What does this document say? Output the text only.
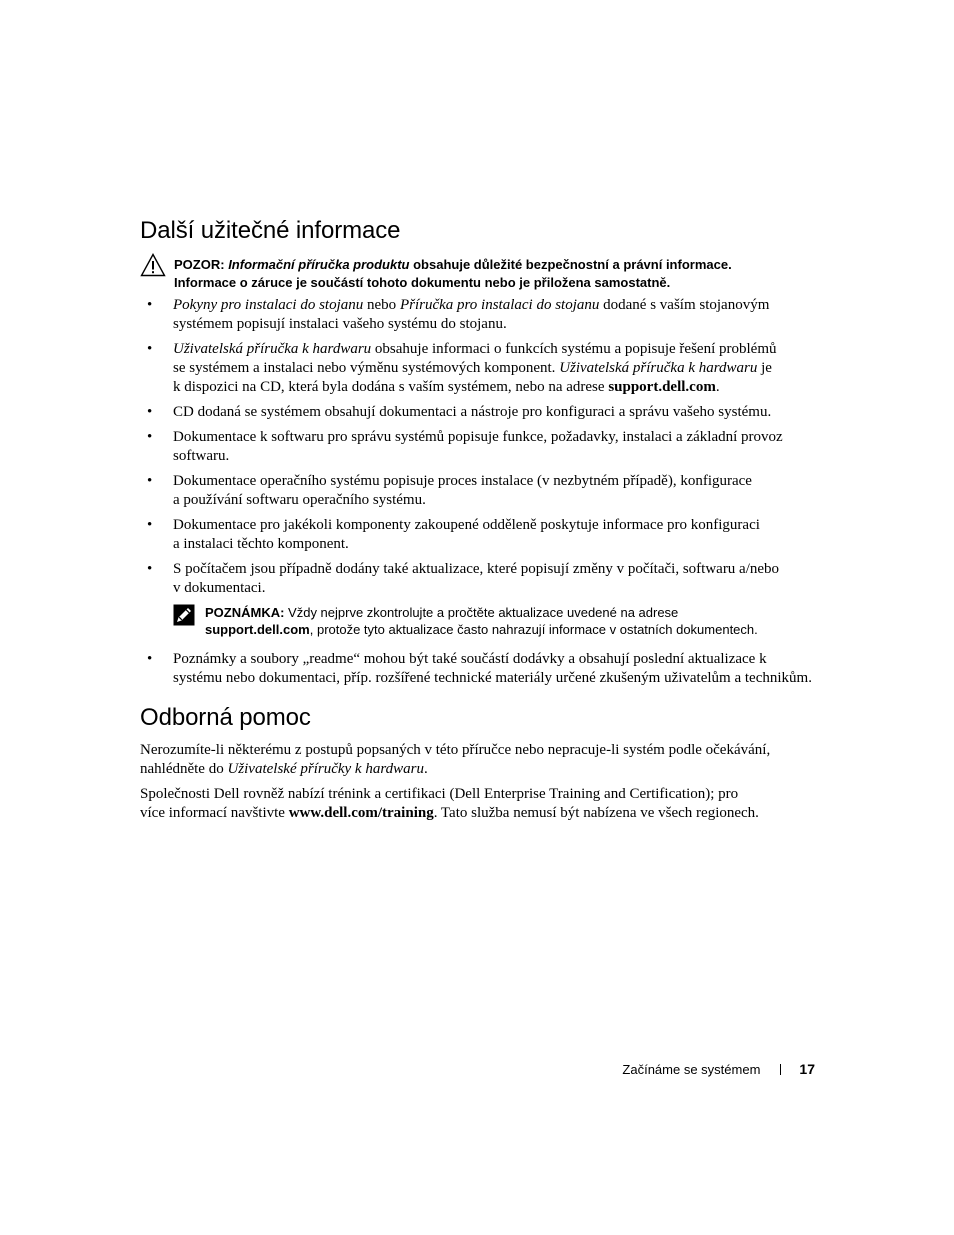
Další užitečné informace
POZOR: Informační příručka produktu obsahuje důležité bezpečnostní a právní informace.
Informace o záruce je součástí tohoto dokumentu nebo je přiložena samostatně.
• Pokyny pro instalaci do stojanu nebo Příručka pro instalaci do stojanu dodané s vaším stojanovým
systémem popisují instalaci vašeho systému do stojanu.
• Uživatelská příručka k hardwaru obsahuje informaci o funkcích systému a popisuje řešení problémů
se systémem a instalaci nebo výměnu systémových komponent. Uživatelská příručka k hardwaru je
k dispozici na CD, která byla dodána s vaším systémem, nebo na adrese support.dell.com.
• CD dodaná se systémem obsahují dokumentaci a nástroje pro konfiguraci a správu vašeho systému.
• Dokumentace k softwaru pro správu systémů popisuje funkce, požadavky, instalaci a základní provoz
softwaru.
• Dokumentace operačního systému popisuje proces instalace (v nezbytném případě), konfigurace
a používání softwaru operačního systému.
• Dokumentace pro jakékoli komponenty zakoupené odděleně poskytuje informace pro konfiguraci
a instalaci těchto komponent.
• S počítačem jsou případně dodány také aktualizace, které popisují změny v počítači, softwaru a/nebo
v dokumentaci.
POZNÁMKA: Vždy nejprve zkontrolujte a pročtěte aktualizace uvedené na adrese
support.dell.com, protože tyto aktualizace často nahrazují informace v ostatních dokumentech.
• Poznámky a soubory „readme“ mohou být také součástí dodávky a obsahují poslední aktualizace k
systému nebo dokumentaci, příp. rozšířené technické materiály určené zkušeným uživatelům a technikům.
Odborná pomoc

Nerozumíte-li některému z postupů popsaných v této příručce nebo nepracuje-li systém podle očekávání,
nahlédněte do Uživatelské příručky k hardwaru.

Společnosti Dell rovněž nabízí trénink a certifikaci (Dell Enterprise Training and Certification); pro
více informací navštivte www.dell.com/training. Tato služba nemusí být nabízena ve všech regionech.

Začínáme se systémem	17
